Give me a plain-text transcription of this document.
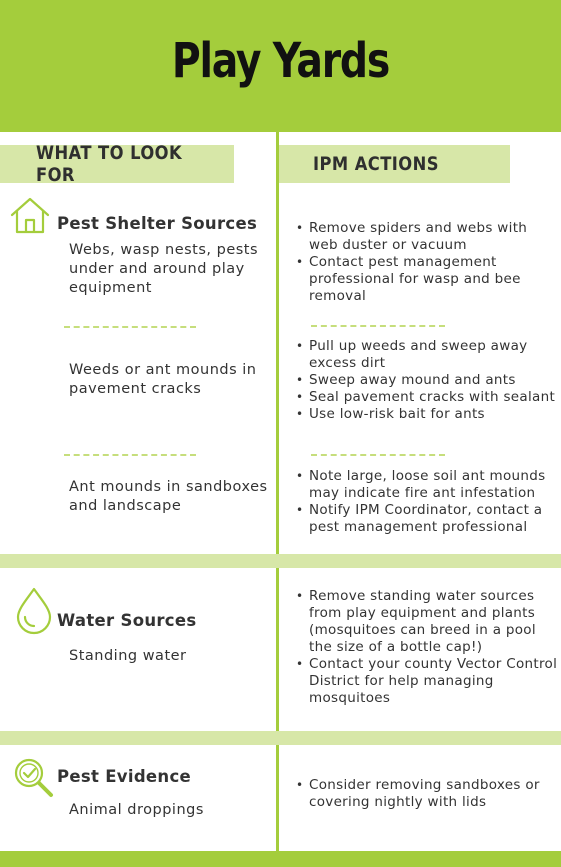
Play Yards
WHAT TO LOOK FOR	IPM ACTIONS
Pest Shelter Sources
Webs, wasp nests, pests under and around play equipment
• Remove spiders and webs with web duster or vacuum
• Contact pest management professional for wasp and bee removal
Weeds or ant mounds in pavement cracks
• Pull up weeds and sweep away excess dirt
• Sweep away mound and ants
• Seal pavement cracks with sealant
• Use low-risk bait for ants
Ant mounds in sandboxes and landscape
• Note large, loose soil ant mounds may indicate fire ant infestation
• Notify IPM Coordinator, contact a pest management professional
Water Sources
Standing water
• Remove standing water sources from play equipment and plants (mosquitoes can breed in a pool the size of a bottle cap!)
• Contact your county Vector Control District for help managing mosquitoes
Pest Evidence
Animal droppings
• Consider removing sandboxes or covering nightly with lids
